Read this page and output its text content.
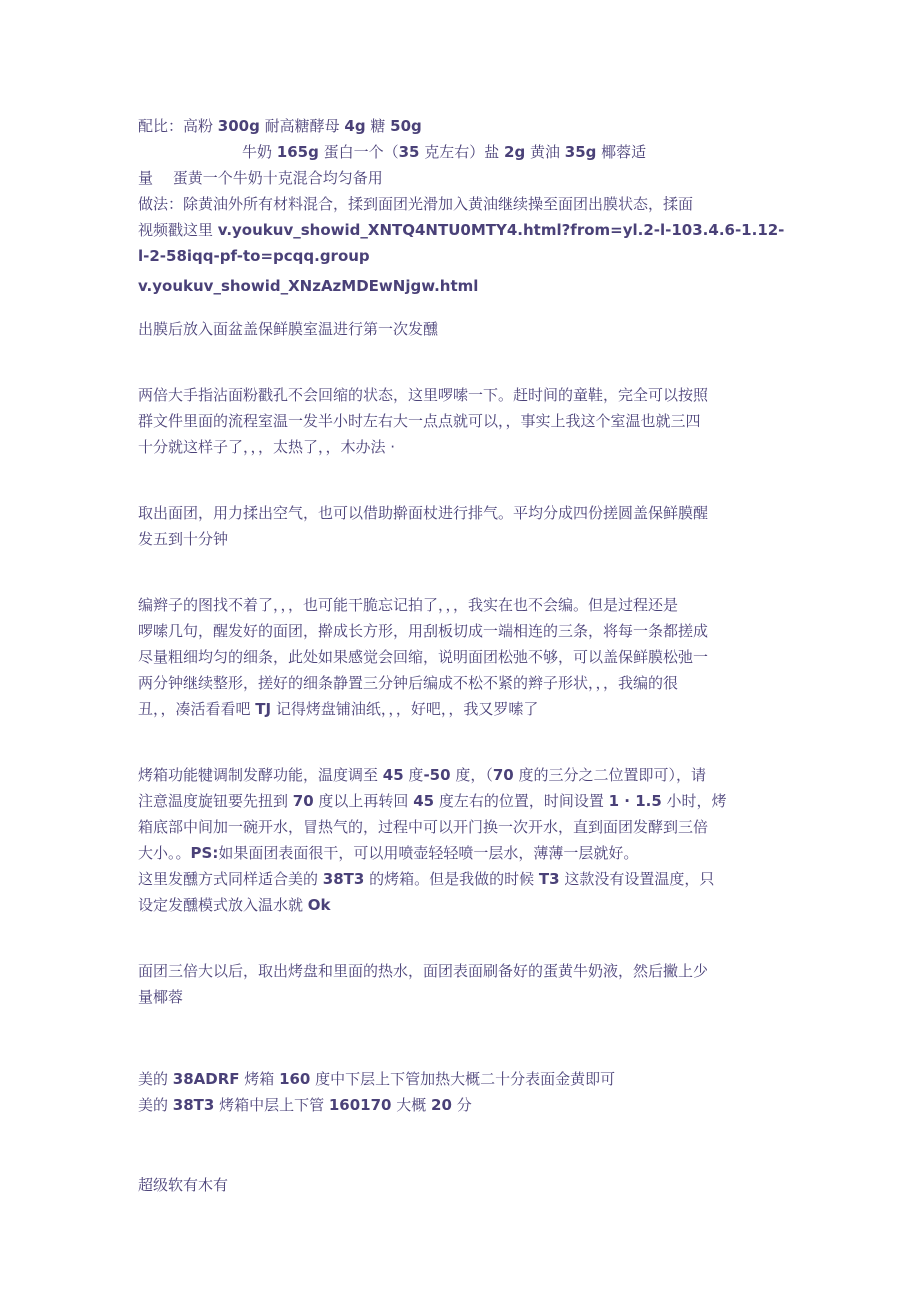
配比：高粉 300g 耐高糖酵母 4g 糖 50g
牛奶 165g 蛋白一个（35 克左右）盐 2g 黄油 35g 椰蓉适
量　 蛋黄一个牛奶十克混合均匀备用
做法：除黄油外所有材料混合，揉到面团光滑加入黄油继续操至面团出膜状态，揉面
视频戳这里 v.youkuv_showid_XNTQ4NTU0MTY4.html?from=yl.2-l-103.4.6-1.12-
l-2-58iqq-pf-to=pcqq.group
v.youkuv_showid_XNzAzMDEwNjgw.html
出膜后放入面盆盖保鲜膜室温进行第一次发醺
两倍大手指沾面粉戳孔不会回缩的状态，这里啰嗦一下。赶时间的童鞋，完全可以按照
群文件里面的流程室温一发半小时左右大一点点就可以，，事实上我这个室温也就三四
十分就这样子了，，，太热了，，木办法 ·
取出面团，用力揉出空气，也可以借助擀面杖进行排气。平均分成四份搓圆盖保鲜膜醒
发五到十分钟
编辫子的图找不着了，，，也可能干脆忘记拍了，，，我实在也不会编。但是过程还是
啰嗦几句，醒发好的面团，擀成长方形，用刮板切成一端相连的三条，将每一条都搓成
尽量粗细均匀的细条，此处如果感觉会回缩，说明面团松弛不够，可以盖保鲜膜松弛一
两分钟继续整形，搓好的细条静置三分钟后编成不松不紧的辫子形状，，，我编的很
丑，，凑活看看吧 TJ 记得烤盘铺油纸，，，好吧，，我又罗嗦了
烤箱功能犍调制发酵功能，温度调至 45 度-50 度，（70 度的三分之二位置即可），请
注意温度旋钮要先扭到 70 度以上再转回 45 度左右的位置，时间设置 1 · 1.5 小时，烤
箱底部中间加一碗开水，冒热气的，过程中可以开门换一次开水，直到面团发酵到三倍
大小。。PS:如果面团表面很干，可以用喷壶轻轻喷一层水，薄薄一层就好。
这里发醺方式同样适合美的 38T3 的烤箱。但是我做的时候 T3 这款没有设置温度，只
设定发醺模式放入温水就 Ok
面团三倍大以后，取出烤盘和里面的热水，面团表面刷备好的蛋黄牛奶液，然后撇上少
量椰蓉
美的 38ADRF 烤箱 160 度中下层上下管加热大概二十分表面金黄即可
美的 38T3 烤箱中层上下管 160170 大概 20 分
超级软有木有
